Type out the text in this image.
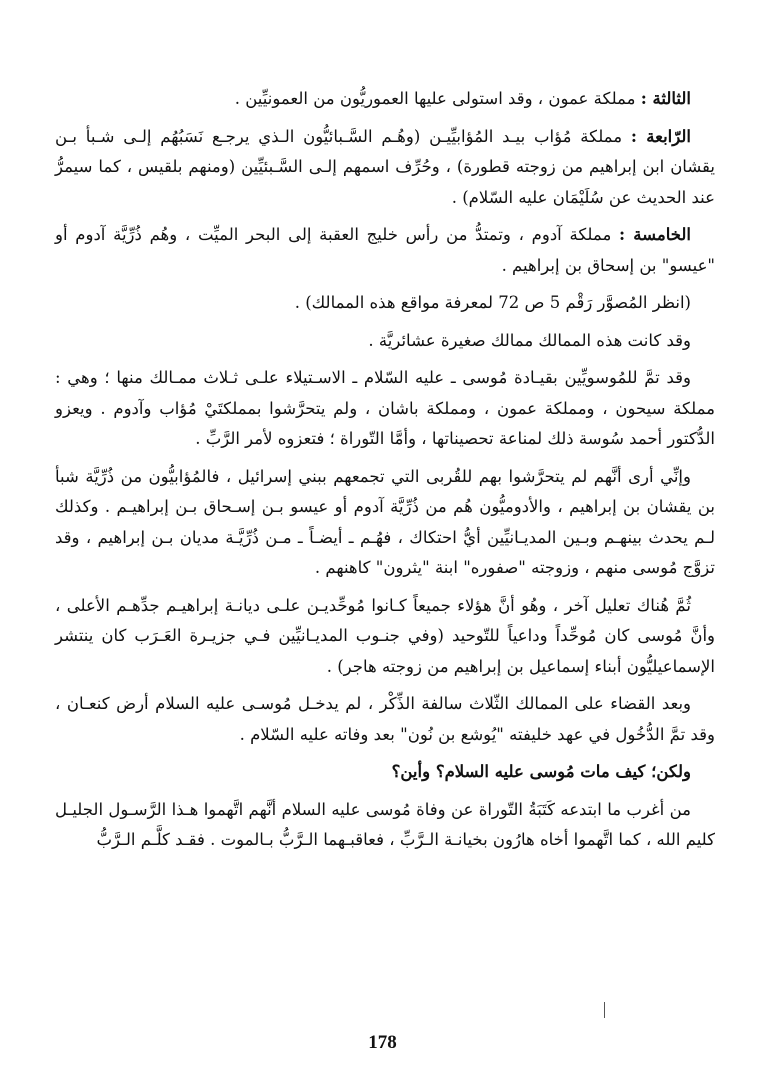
الثالثة : مملكة عمون ، وقد استولى عليها العموريُّون من العمونيِّين .

الرّابعة : مملكة مُؤاب بيـد المُؤابيِّيـن (وهُـم السَّـبائيُّون الـذي يرجـع نَسَبُهُم إلـى شـبأ بـن يقشان ابن إبراهيم من زوجته قطورة) ، وحُرِّف اسمهم إلـى السَّـبئيِّين (ومنهم بلقيس ، كما سيمرُّ عند الحديث عن سُلَيْمَان عليه السّلام) .

الخامسة : مملكة آدوم ، وتمتدُّ من رأس خليج العقبة إلى البحر الميِّت ، وهُم ذُرِّيَّة آدوم أو "عيسو" بن إسحاق بن إبراهيم .

(انظر المُصوَّر رَقْم 5 ص 72 لمعرفة مواقع هذه الممالك) .

وقد كانت هذه الممالك ممالك صغيرة عشائريَّة .

وقد تمَّ للمُوسويِّين بقيـادة مُوسى ـ عليه السّلام ـ الاسـتيلاء علـى ثـلاث ممـالك منها ؛ وهي : مملكة سيحون ، ومملكة عمون ، ومملكة باشان ، ولم يتحرَّشوا بمملكتَيْ مُؤاب وآدوم . ويعزو الدُّكتور أحمد سُوسة ذلك لمناعة تحصيناتها ، وأمَّا التّوراة ؛ فتعزوه لأمر الرَّبِّ .

وإنِّي أرى أنَّهم لم يتحرَّشوا بهم للقُربى التي تجمعهم ببني إسرائيل ، فالمُؤابيُّون من ذُرِّيَّة شبأ بن يقشان بن إبراهيم ، والأدوميُّون هُم من ذُرِّيَّة آدوم أو عيسو بـن إسـحاق بـن إبراهيـم . وكذلك لـم يحدث بينهـم وبـين المديـانيِّين أيُّ احتكاك ، فهُـم ـ أيضـاً ـ مـن ذُرِّيَّـة مديان بـن إبراهيم ، وقد تزوَّج مُوسى منهم ، وزوجته "صفوره" ابنة "يثرون" كاهنهم .

ثُمَّ هُناك تعليل آخر ، وهُو أنَّ هؤلاء جميعاً كـانوا مُوحِّديـن علـى ديانـة إبراهيـم جدِّهـم الأعلى ، وأنَّ مُوسى كان مُوحِّداً وداعياً للتّوحيد (وفي جنـوب المديـانيِّين فـي جزيـرة العَـرَب كان ينتشر الإسماعيليُّون أبناء إسماعيل بن إبراهيم من زوجته هاجر) .

وبعد القضاء على الممالك الثّلاث سالفة الذِّكْر ، لم يدخـل مُوسـى عليه السلام أرض كنعـان ، وقد تمَّ الدُّخُول في عهد خليفته "يُوشع بن نُون" بعد وفاته عليه السّلام .

ولكن؛ كيف مات مُوسى عليه السلام؟ وأين؟

من أغرب ما ابتدعه كَتَبَةُ التّوراة عن وفاة مُوسى عليه السلام أنَّهم اتَّهموا هـذا الرَّسـول الجليـل كليم الله ، كما اتَّهموا أخاه هارُون بخيانـة الـرَّبِّ ، فعاقبـهما الـرَّبُّ بـالموت . فقـد كلَّـم الـرَّبُّ

178
